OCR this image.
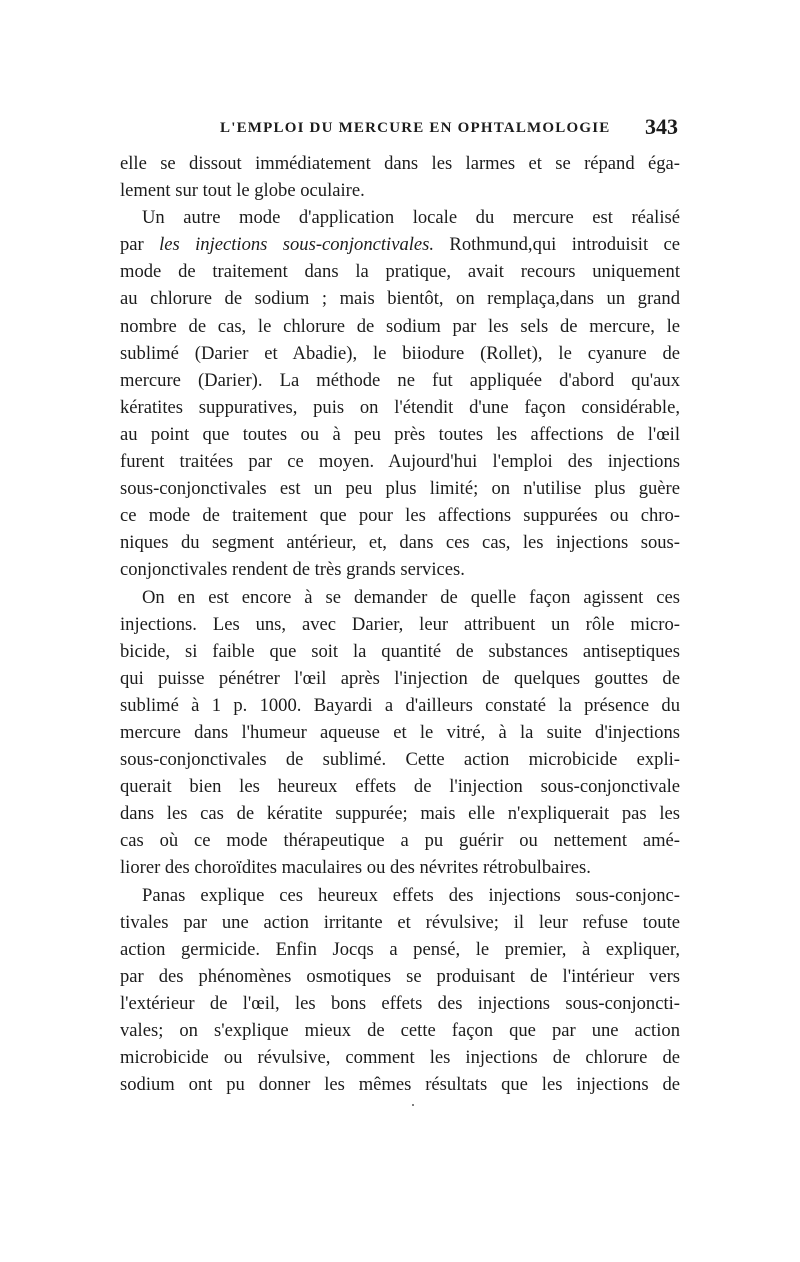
L'EMPLOI DU MERCURE EN OPHTALMOLOGIE 343
elle se dissout immédiatement dans les larmes et se répand éga-
lement sur tout le globe oculaire.
Un autre mode d'application locale du mercure est réalisé
par les injections sous-conjonctivales. Rothmund,qui introduisit ce
mode de traitement dans la pratique, avait recours uniquement
au chlorure de sodium ; mais bientôt, on remplaça,dans un grand
nombre de cas, le chlorure de sodium par les sels de mercure, le
sublimé (Darier et Abadie), le biiodure (Rollet), le cyanure de
mercure (Darier). La méthode ne fut appliquée d'abord qu'aux
kératites suppuratives, puis on l'étendit d'une façon considérable,
au point que toutes ou à peu près toutes les affections de l'œil
furent traitées par ce moyen. Aujourd'hui l'emploi des injections
sous-conjonctivales est un peu plus limité; on n'utilise plus guère
ce mode de traitement que pour les affections suppurées ou chro-
niques du segment antérieur, et, dans ces cas, les injections sous-
conjonctivales rendent de très grands services.
On en est encore à se demander de quelle façon agissent ces
injections. Les uns, avec Darier, leur attribuent un rôle micro-
bicide, si faible que soit la quantité de substances antiseptiques
qui puisse pénétrer l'œil après l'injection de quelques gouttes de
sublimé à 1 p. 1000. Bayardi a d'ailleurs constaté la présence du
mercure dans l'humeur aqueuse et le vitré, à la suite d'injections
sous-conjonctivales de sublimé. Cette action microbicide expli-
querait bien les heureux effets de l'injection sous-conjonctivale
dans les cas de kératite suppurée; mais elle n'expliquerait pas les
cas où ce mode thérapeutique a pu guérir ou nettement amé-
liorer des choroïdites maculaires ou des névrites rétrobulbaires.
Panas explique ces heureux effets des injections sous-conjonc-
tivales par une action irritante et révulsive; il leur refuse toute
action germicide. Enfin Jocqs a pensé, le premier, à expliquer,
par des phénomènes osmotiques se produisant de l'intérieur vers
l'extérieur de l'œil, les bons effets des injections sous-conjoncti-
vales; on s'explique mieux de cette façon que par une action
microbicide ou révulsive, comment les injections de chlorure de
sodium ont pu donner les mêmes résultats que les injections de
